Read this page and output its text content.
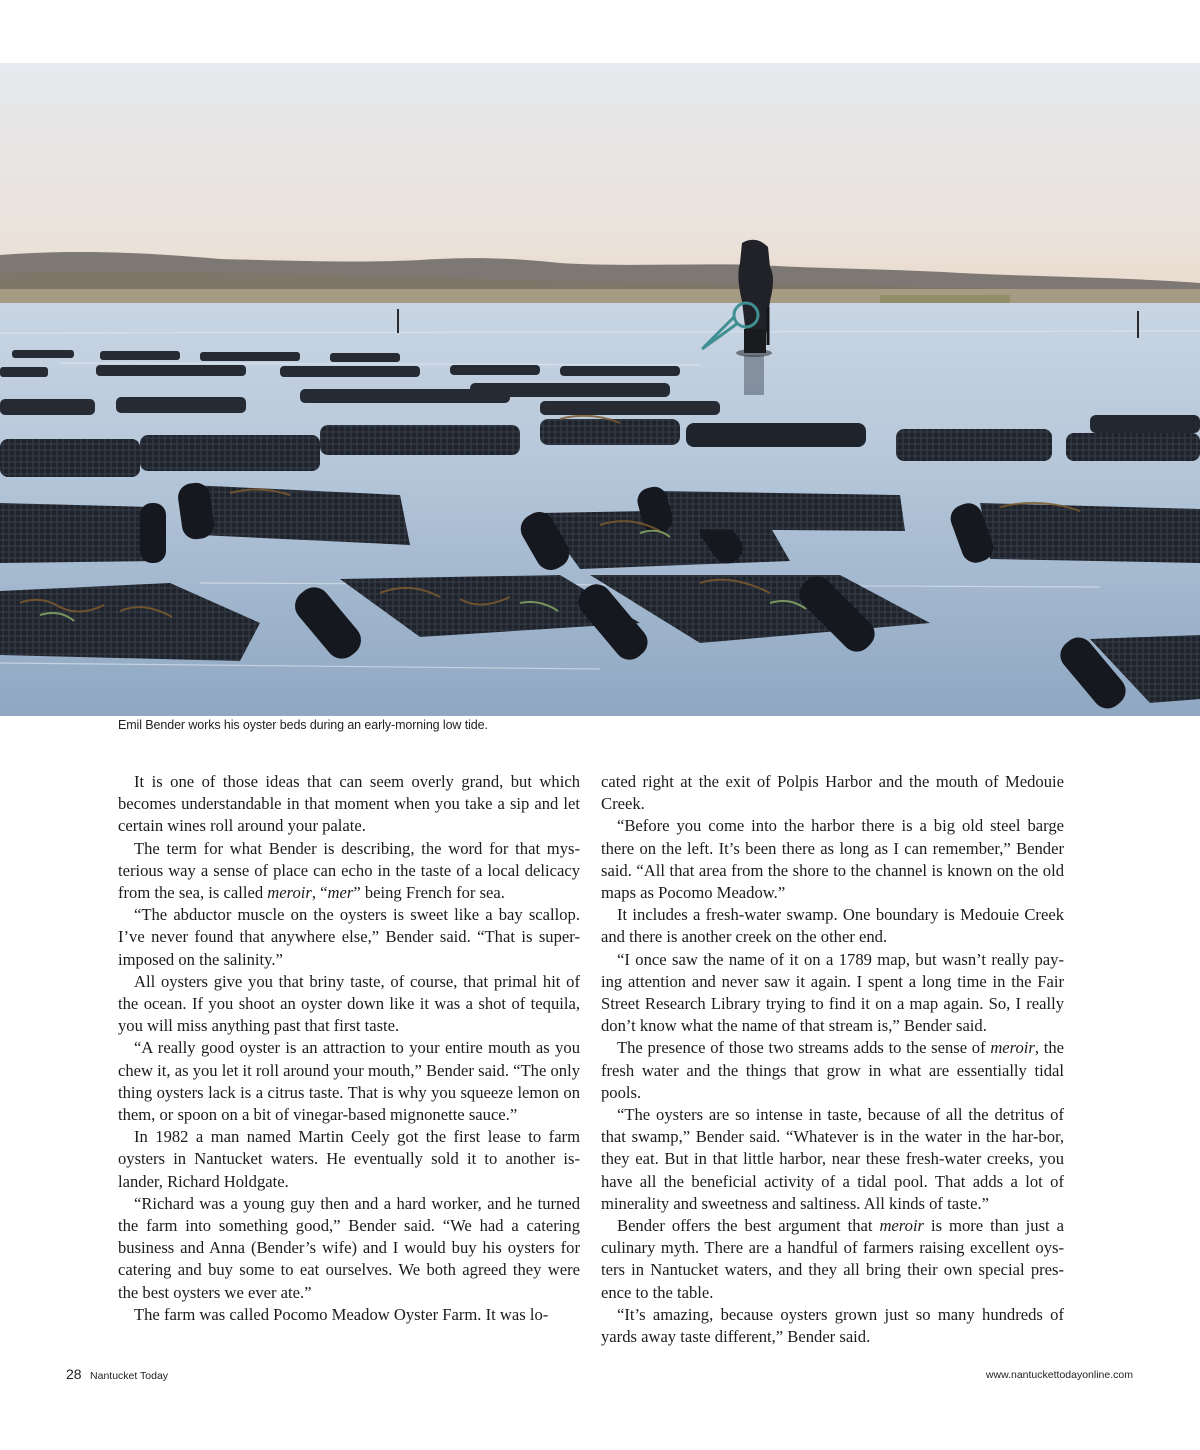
Emil Bender works his oyster beds during an early-morning low tide.

It is one of those ideas that can seem overly grand, but which becomes understandable in that moment when you take a sip and let certain wines roll around your palate.

The term for what Bender is describing, the word for that mys-​terious way a sense of place can echo in the taste of a local delicacy from the sea, is called meroir, “mer” being French for sea.

“The abductor muscle on the oysters is sweet like a bay scallop. I’ve never found that anywhere else,” Bender said. “That is super-​imposed on the salinity.”

All oysters give you that briny taste, of course, that primal hit of the ocean. If you shoot an oyster down like it was a shot of tequila, you will miss anything past that first taste.

“A really good oyster is an attraction to your entire mouth as you chew it, as you let it roll around your mouth,” Bender said. “The only thing oysters lack is a citrus taste. That is why you squeeze lemon on them, or spoon on a bit of vinegar-based mignonette sauce.”

In 1982 a man named Martin Ceely got the first lease to farm oysters in Nantucket waters. He eventually sold it to another is-​lander, Richard Holdgate.

“Richard was a young guy then and a hard worker, and he turned the farm into something good,” Bender said. “We had a catering business and Anna (Bender’s wife) and I would buy his oysters for catering and buy some to eat ourselves. We both agreed they were the best oysters we ever ate.”

The farm was called Pocomo Meadow Oyster Farm. It was lo-

cated right at the exit of Polpis Harbor and the mouth of Medouie Creek.

“Before you come into the harbor there is a big old steel barge there on the left. It’s been there as long as I can remember,” Bender said. “All that area from the shore to the channel is known on the old maps as Pocomo Meadow.”

It includes a fresh-water swamp. One boundary is Medouie Creek and there is another creek on the other end.

“I once saw the name of it on a 1789 map, but wasn’t really pay-​ing attention and never saw it again. I spent a long time in the Fair Street Research Library trying to find it on a map again. So, I really don’t know what the name of that stream is,” Bender said.

The presence of those two streams adds to the sense of meroir, the fresh water and the things that grow in what are essentially tidal pools.

“The oysters are so intense in taste, because of all the detritus of that swamp,” Bender said. “Whatever is in the water in the har-​bor, they eat. But in that little harbor, near these fresh-water creeks, you have all the beneficial activity of a tidal pool. That adds a lot of minerality and sweetness and saltiness. All kinds of taste.”

Bender offers the best argument that meroir is more than just a culinary myth. There are a handful of farmers raising excellent oys-​ters in Nantucket waters, and they all bring their own special pres-​ence to the table.

“It’s amazing, because oysters grown just so many hundreds of yards away taste different,” Bender said.

28 Nantucket Today	www.nantuckettodayonline.com
